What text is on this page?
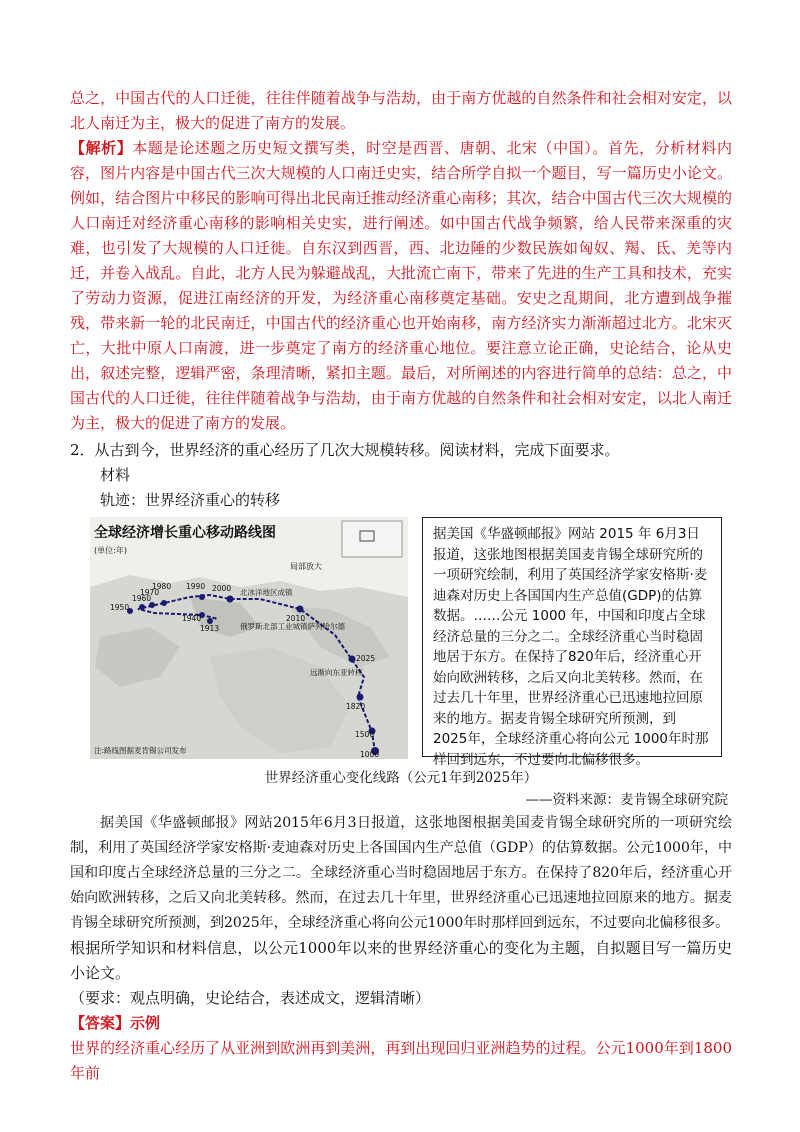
总之，中国古代的人口迁徙，往往伴随着战争与浩劫，由于南方优越的自然条件和社会相对安定，以北人南迁为主，极大的促进了南方的发展。

【解析】本题是论述题之历史短文撰写类，时空是西晋、唐朝、北宋（中国）。首先，分析材料内容，图片内容是中国古代三次大规模的人口南迁史实，结合所学自拟一个题目，写一篇历史小论文。例如，结合图片中移民的影响可得出北民南迁推动经济重心南移；其次，结合中国古代三次大规模的人口南迁对经济重心南移的影响相关史实，进行阐述。如中国古代战争频繁，给人民带来深重的灾难，也引发了大规模的人口迁徙。自东汉到西晋，西、北边陲的少数民族如匈奴、羯、氐、羌等内迁，并卷入战乱。自此，北方人民为躲避战乱，大批流亡南下，带来了先进的生产工具和技术，充实了劳动力资源，促进江南经济的开发，为经济重心南移奠定基础。安史之乱期间，北方遭到战争摧残，带来新一轮的北民南迁，中国古代的经济重心也开始南移，南方经济实力渐渐超过北方。北宋灭亡，大批中原人口南渡，进一步奠定了南方的经济重心地位。要注意立论正确，史论结合，论从史出，叙述完整，逻辑严密，条理清晰，紧扣主题。最后，对所阐述的内容进行简单的总结：总之，中国古代的人口迁徙，往往伴随着战争与浩劫，由于南方优越的自然条件和社会相对安定，以北人南迁为主，极大的促进了南方的发展。

2．从古到今，世界经济的重心经历了几次大规模转移。阅读材料，完成下面要求。

材料

轨迹：世界经济重心的转移

1950
1960
1970
1980 1990 2000
1940
1913
2010
2025
1820
1500
1000
全球经济增长重心移动路线图
(单位:年)
局部放大
北冰洋地区成镇
俄罗斯北部工业城镇萨列哈尔德
远渐向东亚转移
注:路线图据麦肯锡公司发布
据美国《华盛顿邮报》网站 2015 年 6月3日报道，这张地图根据美国麦肯锡全球研究所的一项研究绘制，利用了英国经济学家安格斯·麦迪森对历史上各国国内生产总值(GDP)的估算数据。……公元 1000 年，中国和印度占全球经济总量的三分之二。全球经济重心当时稳固地居于东方。在保持了820年后，经济重心开始向欧洲转移，之后又向北美转移。然而，在过去几十年里，世界经济重心已迅速地拉回原来的地方。据麦肯锡全球研究所预测，到 2025年，全球经济重心将向公元 1000年时那样回到远东，不过要向北偏移很多。
世界经济重心变化线路（公元1年到2025年）
——资料来源：麦肯锡全球研究院

据美国《华盛顿邮报》网站2015年6月3日报道，这张地图根据美国麦肯锡全球研究所的一项研究绘制，利用了英国经济学家安格斯·麦迪森对历史上各国国内生产总值（GDP）的估算数据。公元1000年，中国和印度占全球经济总量的三分之二。全球经济重心当时稳固地居于东方。在保持了820年后，经济重心开始向欧洲转移，之后又向北美转移。然而，在过去几十年里，世界经济重心已迅速地拉回原来的地方。据麦肯锡全球研究所预测，到2025年，全球经济重心将向公元1000年时那样回到远东，不过要向北偏移很多。

根据所学知识和材料信息，以公元1000年以来的世界经济重心的变化为主题，自拟题目写一篇历史小论文。

（要求：观点明确，史论结合，表述成文，逻辑清晰）

【答案】示例

世界的经济重心经历了从亚洲到欧洲再到美洲，再到出现回归亚洲趋势的过程。公元1000年到1800年前
